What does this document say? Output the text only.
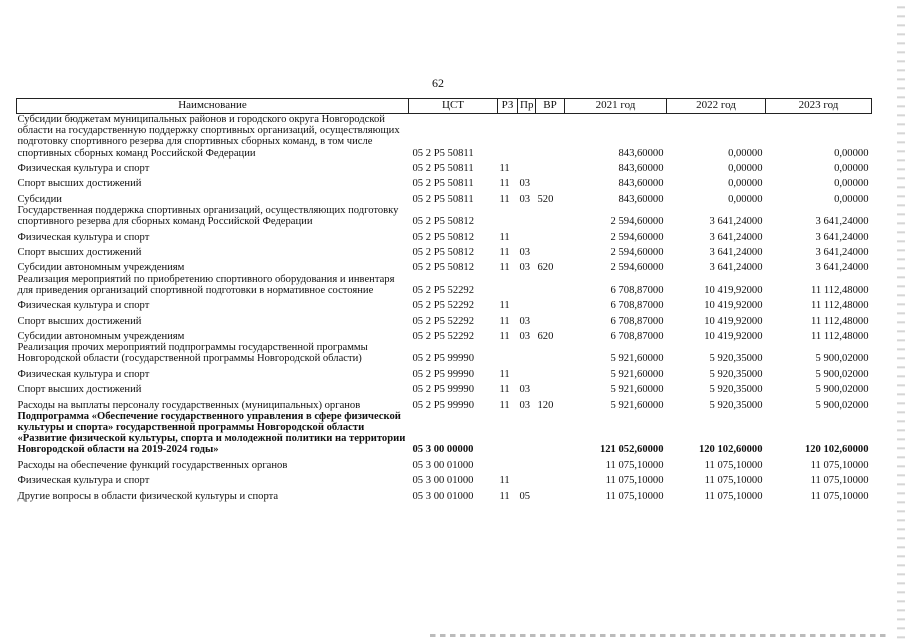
62
Наимснование	ЦСТ	РЗ	Пр	ВР	2021 год	2022 год	2023 год
Субсидии бюджетам муниципальных районов и городского округа Новгородской области на государственную поддержку спортивных организаций, осуществляющих подготовку спортивного резерва для спортивных сборных команд, в том числе спортивных сборных команд Российской Федерации	05 2 P5 50811				843,60000	0,00000	0,00000
Физическая культура и спорт	05 2 P5 50811	11			843,60000	0,00000	0,00000
Спорт высших достижений	05 2 P5 50811	11	03		843,60000	0,00000	0,00000
Субсидии	05 2 P5 50811	11	03	520	843,60000	0,00000	0,00000
Государственная поддержка спортивных организаций, осуществляющих подготовку спортивного резерва для сборных команд Российской Федерации	05 2 P5 50812				2 594,60000	3 641,24000	3 641,24000
Физическая культура и спорт	05 2 P5 50812	11			2 594,60000	3 641,24000	3 641,24000
Спорт высших достижений	05 2 P5 50812	11	03		2 594,60000	3 641,24000	3 641,24000
Субсидии автономным учреждениям	05 2 P5 50812	11	03	620	2 594,60000	3 641,24000	3 641,24000
Реализация мероприятий по приобретению спортивного оборудования и инвентаря для приведения организаций спортивной подготовки в нормативное состояние	05 2 P5 52292				6 708,87000	10 419,92000	11 112,48000
Физическая культура и спорт	05 2 P5 52292	11			6 708,87000	10 419,92000	11 112,48000
Спорт высших достижений	05 2 P5 52292	11	03		6 708,87000	10 419,92000	11 112,48000
Субсидии автономным учреждениям	05 2 P5 52292	11	03	620	6 708,87000	10 419,92000	11 112,48000
Реализация прочих мероприятий подпрограммы государственной программы Новгородской области (государственной программы Новгородской области)	05 2 P5 99990				5 921,60000	5 920,35000	5 900,02000
Физическая культура и спорт	05 2 P5 99990	11			5 921,60000	5 920,35000	5 900,02000
Спорт высших достижений	05 2 P5 99990	11	03		5 921,60000	5 920,35000	5 900,02000
Расходы на выплаты персоналу государственных (муниципальных) органов	05 2 P5 99990	11	03	120	5 921,60000	5 920,35000	5 900,02000
Подпрограмма «Обеспечение государственного управления в сфере физической культуры и спорта» государственной программы Новгородской области «Развитие физической культуры, спорта и молодежной политики на территории Новгородской области на 2019-2024 годы»	05 3 00 00000				121 052,60000	120 102,60000	120 102,60000
Расходы на обеспечение функций государственных органов	05 3 00 01000				11 075,10000	11 075,10000	11 075,10000
Физическая культура и спорт	05 3 00 01000	11			11 075,10000	11 075,10000	11 075,10000
Другие вопросы в области физической культуры и спорта	05 3 00 01000	11	05		11 075,10000	11 075,10000	11 075,10000
